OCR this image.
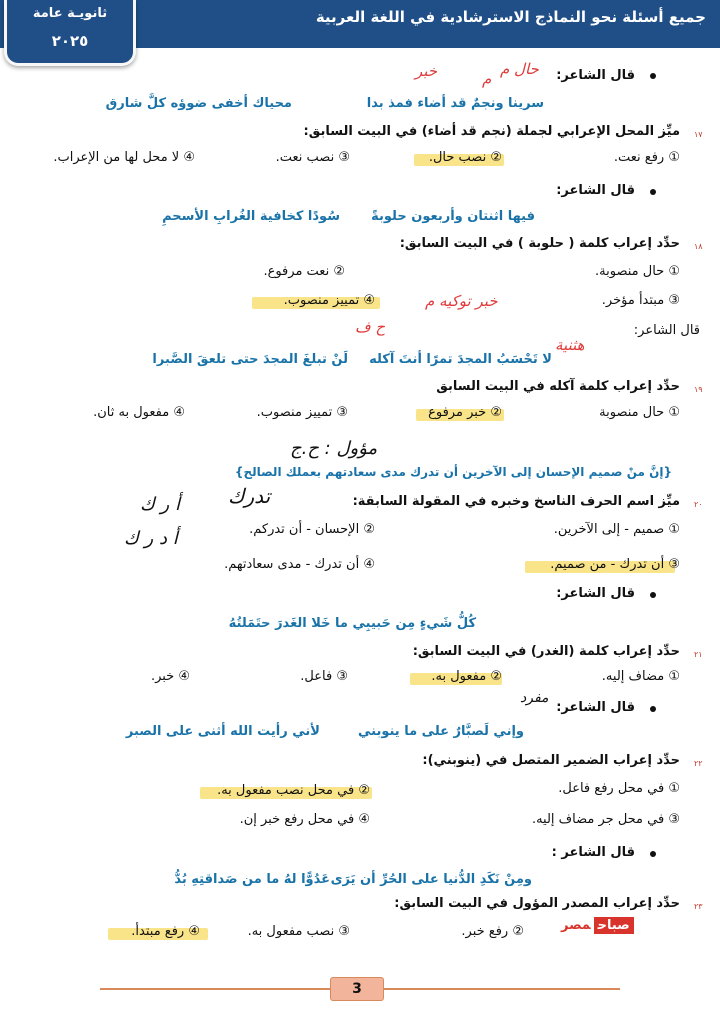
جميع أسئلة نحو النماذج الاسترشادية في اللغة العربية
ثانويـة عامة
٢٠٢٥
قال الشاعر:
سرينا ونجمٌ قد أضاء فمذ بدا
محياك أخفى ضوؤه كلَّ شارق
١٧
ميِّز المحل الإعرابي لجملة (نجم قد أضاء) في البيت السابق:
① رفع نعت.
② نصب حال.
③ نصب نعت.
④ لا محل لها من الإعراب.
قال الشاعر:
فيها اثنتان وأربعون حلوبةً
سُودًا كخافية الغُرابِ الأسحمِ
١٨
حدِّد إعراب كلمة ( حلوبة ) في البيت السابق:
① حال منصوبة.
② نعت مرفوع.
③ مبتدأ مؤخر.
④ تمييز منصوب.
قال الشاعر:
لا تَحْسَبُ المجدَ تمرًا أنتَ آكله
لَنْ تبلغَ المجدَ حتى تلعقَ الصَّبرا
١٩
حدِّد إعراب كلمة آكله في البيت السابق
① حال منصوبة
② خبر مرفوع
③ تمييز منصوب.
④ مفعول به ثان.
{إنَّ منْ صميم الإحسان إلى الآخرين أن تدرك مدى سعادتهم بعملك الصالح}
٢٠
ميِّز اسم الحرف الناسخ وخبره في المقولة السابقة:
① صميم - إلى الآخرين.
② الإحسان - أن تدركم.
③ أن تدرك - من صميم.
④ أن تدرك - مدى سعادتهم.
قال الشاعر:
كُلُّ شَيءٍ مِن حَبيبِي ما خَلا الغَدرَ حتَمَلتُهُ
٢١
حدِّد إعراب كلمة (الغدر) في البيت السابق:
① مضاف إليه.
② مفعول به.
③ فاعل.
④ خبر.
قال الشاعر:
وإني لَصبَّارٌ على ما ينوبني
لأني رأيت الله أثنى على الصبر
٢٢
حدِّد إعراب الضمير المتصل في (ينوبني):
① في محل رفع فاعل.
② في محل نصب مفعول به.
③ في محل جر مضاف إليه.
④ في محل رفع خبر إن.
قال الشاعر :
ومِنْ نَكَدِ الدُّنيا على الحُرِّ أن يَرَى
عَدُوًّا لهُ ما من صَداقتِهِ بُدُّ
٢٣
حدِّد إعراب المصدر المؤول في البيت السابق:
② رفع خبر.
③ نصب مفعول به.
④ رفع مبتدأ.	صباحمصر
حال م
خبر	م
ح ف
خبر توكيه م
هثنية
مفرد
مؤول : ح.ج
تدرك
أ ر ك
أ د ر ك
3
